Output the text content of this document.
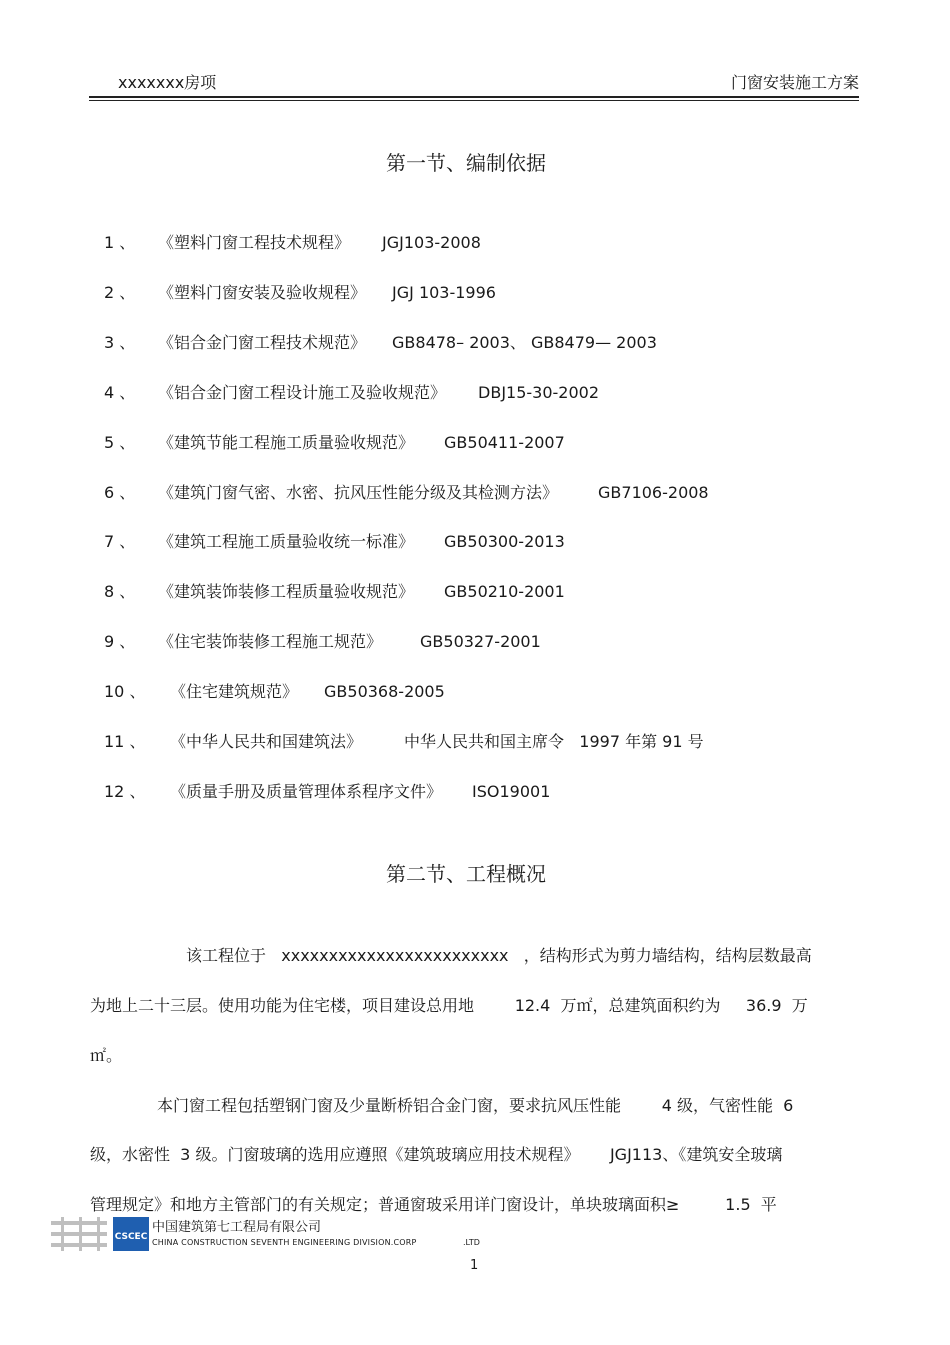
xxxxxxx房项	门窗安装施工方案
第一节、编制依据
1 、 《塑料门窗工程技术规程》 JGJ103-2008
2 、 《塑料门窗安装及验收规程》 JGJ 103-1996
3 、 《铝合金门窗工程技术规范》 GB8478– 2003、 GB8479— 2003
4 、 《铝合金门窗工程设计施工及验收规范》 DBJ15-30-2002
5 、 《建筑节能工程施工质量验收规范》 GB50411-2007
6 、 《建筑门窗气密、水密、抗风压性能分级及其检测方法》	GB7106-2008
7 、 《建筑工程施工质量验收统一标准》 GB50300-2013
8 、 《建筑装饰装修工程质量验收规范》 GB50210-2001
9 、 《住宅装饰装修工程施工规范》 GB50327-2001
10 、 《住宅建筑规范》 GB50368-2005
11 、 《中华人民共和国建筑法》	中华人民共和国主席令   1997 年第 91 号
12 、 《质量手册及质量管理体系程序文件》 ISO19001
第二节、工程概况
该工程位于   xxxxxxxxxxxxxxxxxxxxxxxx   ，结构形式为剪力墙结构，结构层数最高
为地上二十三层。使用功能为住宅楼，项目建设总用地        12.4  万㎡，总建筑面积约为     36.9  万
㎡。
本门窗工程包括塑钢门窗及少量断桥铝合金门窗，要求抗风压性能        4 级，气密性能  6
级，水密性  3 级。门窗玻璃的选用应遵照《建筑玻璃应用技术规程》      JGJ113、《建筑安全玻璃
管理规定》和地方主管部门的有关规定；普通窗玻采用详门窗设计，单块玻璃面积≥         1.5  平
CSCEC
中国建筑第七工程局有限公司
CHINA CONSTRUCTION SEVENTH ENGINEERING DIVISION.CORP	.LTD
1
